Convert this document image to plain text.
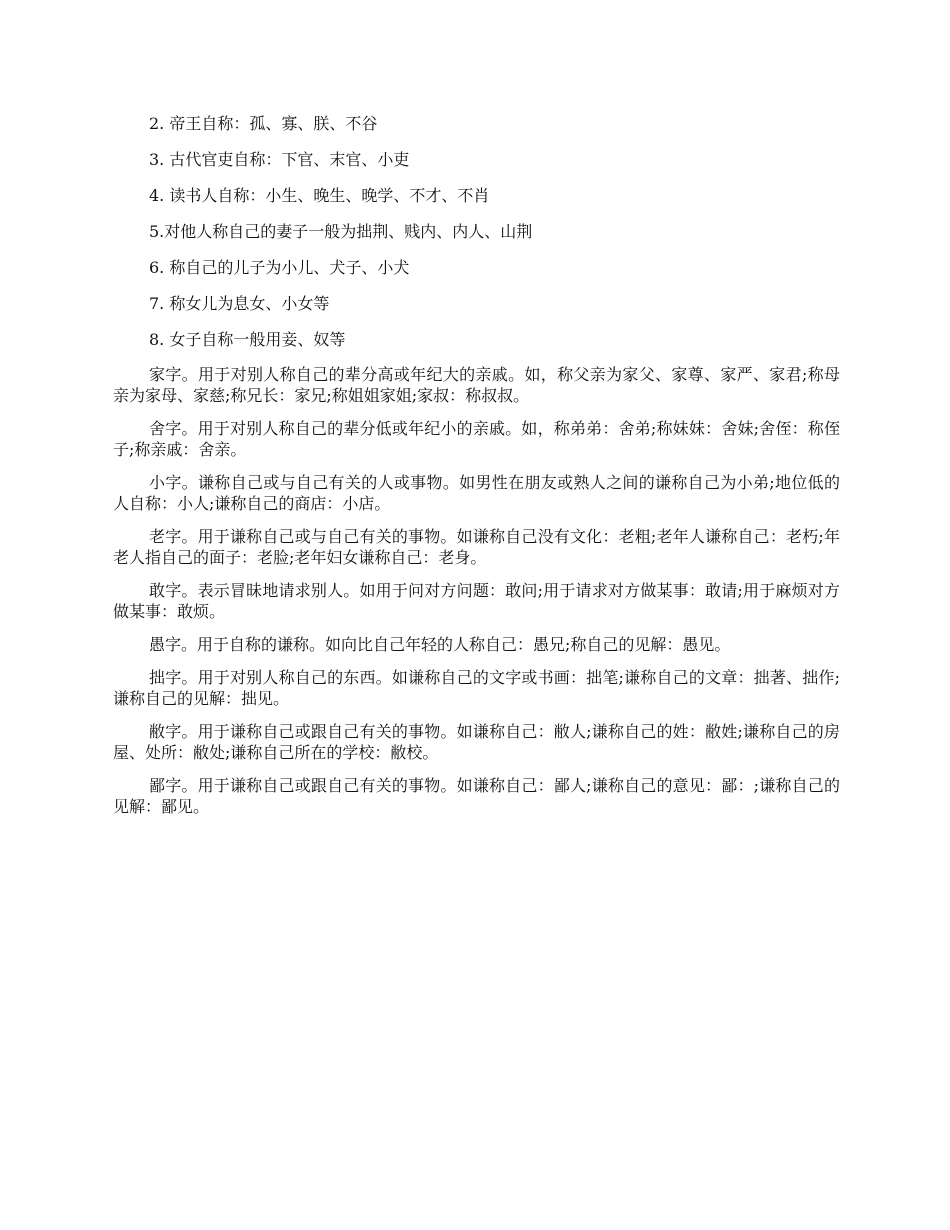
2. 帝王自称：孤、寡、朕、不谷

3. 古代官吏自称：下官、末官、小吏

4. 读书人自称：小生、晚生、晚学、不才、不肖

5.对他人称自己的妻子一般为拙荆、贱内、内人、山荆

6. 称自己的儿子为小儿、犬子、小犬

7. 称女儿为息女、小女等

8. 女子自称一般用妾、奴等

家字。用于对别人称自己的辈分高或年纪大的亲戚。如，称父亲为家父、家尊、家严、家君;称母亲为家母、家慈;称兄长：家兄;称姐姐家姐;家叔：称叔叔。

舍字。用于对别人称自己的辈分低或年纪小的亲戚。如，称弟弟：舍弟;称妹妹：舍妹;舍侄：称侄子;称亲戚：舍亲。

小字。谦称自己或与自己有关的人或事物。如男性在朋友或熟人之间的谦称自己为小弟;地位低的人自称：小人;谦称自己的商店：小店。

老字。用于谦称自己或与自己有关的事物。如谦称自己没有文化：老粗;老年人谦称自己：老朽;年老人指自己的面子：老脸;老年妇女谦称自己：老身。

敢字。表示冒昧地请求别人。如用于问对方问题：敢问;用于请求对方做某事：敢请;用于麻烦对方做某事：敢烦。

愚字。用于自称的谦称。如向比自己年轻的人称自己：愚兄;称自己的见解：愚见。

拙字。用于对别人称自己的东西。如谦称自己的文字或书画：拙笔;谦称自己的文章：拙著、拙作;谦称自己的见解：拙见。

敝字。用于谦称自己或跟自己有关的事物。如谦称自己：敝人;谦称自己的姓：敝姓;谦称自己的房屋、处所：敝处;谦称自己所在的学校：敝校。

鄙字。用于谦称自己或跟自己有关的事物。如谦称自己：鄙人;谦称自己的意见：鄙：;谦称自己的见解：鄙见。
